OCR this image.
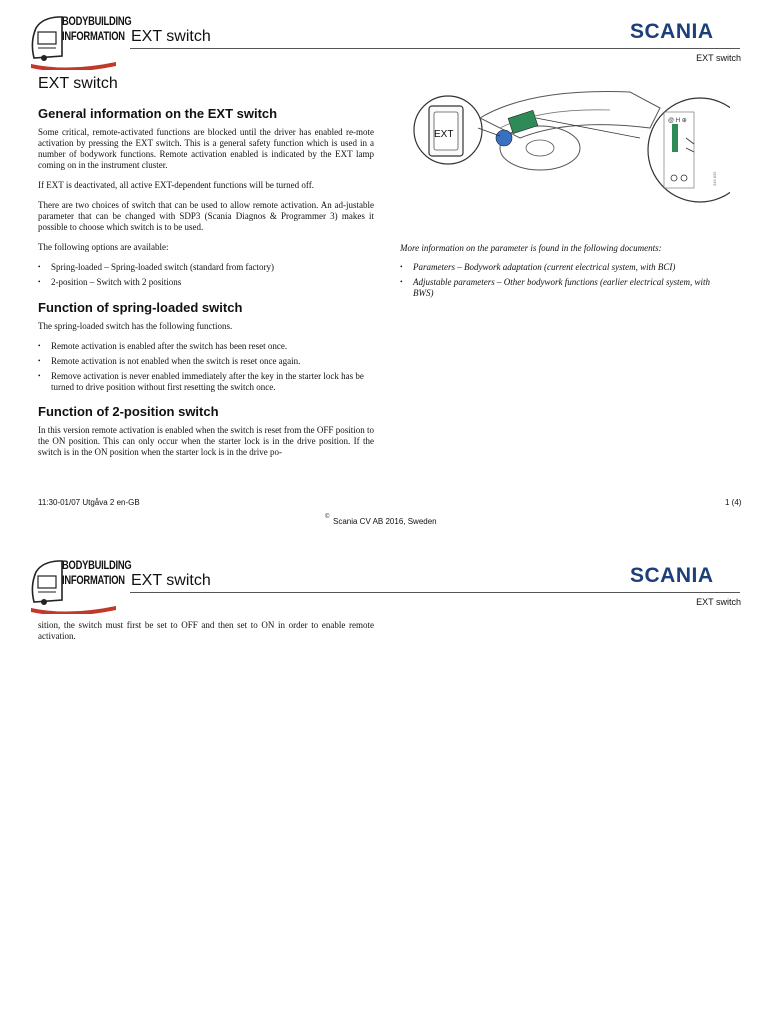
BODYBUILDING
INFORMATION EXT switch	SCANIA
EXT switch
EXT switch
General information on the EXT switch

Some critical, remote-activated functions are blocked until the driver has enabled re-mote activation by pressing the EXT switch. This is a general safety function which is used in a number of bodywork functions. Remote activation enabled is indicated by the EXT lamp coming on in the instrument cluster.

If EXT is deactivated, all active EXT-dependent functions will be turned off.

There are two choices of switch that can be used to allow remote activation. An ad-justable parameter that can be changed with SDP3 (Scania Diagnos & Programmer 3) makes it possible to choose which switch is to be used.

The following options are available:

• Spring-loaded – Spring-loaded switch (standard from factory)
• 2-position – Switch with 2 positions
Function of spring-loaded switch

The spring-loaded switch has the following functions.

• Remote activation is enabled after the switch has been reset once.
• Remote activation is not enabled when the switch is reset once again.
• Remove activation is never enabled immediately after the key in the starter lock has be turned to drive position without first resetting the switch once.
Function of 2-position switch

In this version remote activation is enabled when the switch is reset from the OFF position to the ON position. This can only occur when the starter lock is in the drive position. If the switch is in the ON position when the starter lock is in the drive po-

@ H ⊕
EXT
345 835
More information on the parameter is found in the following documents:
• Parameters – Bodywork adaptation (current electrical system, with BCI)
• Adjustable parameters – Other bodywork functions (earlier electrical system, with BWS)
11:30-01/07 Utgåva 2 en-GB	1 (4)
© Scania CV AB 2016, Sweden
BODYBUILDING
INFORMATION EXT switch	SCANIA
EXT switch

sition, the switch must first be set to OFF and then set to ON in order to enable remote activation.
